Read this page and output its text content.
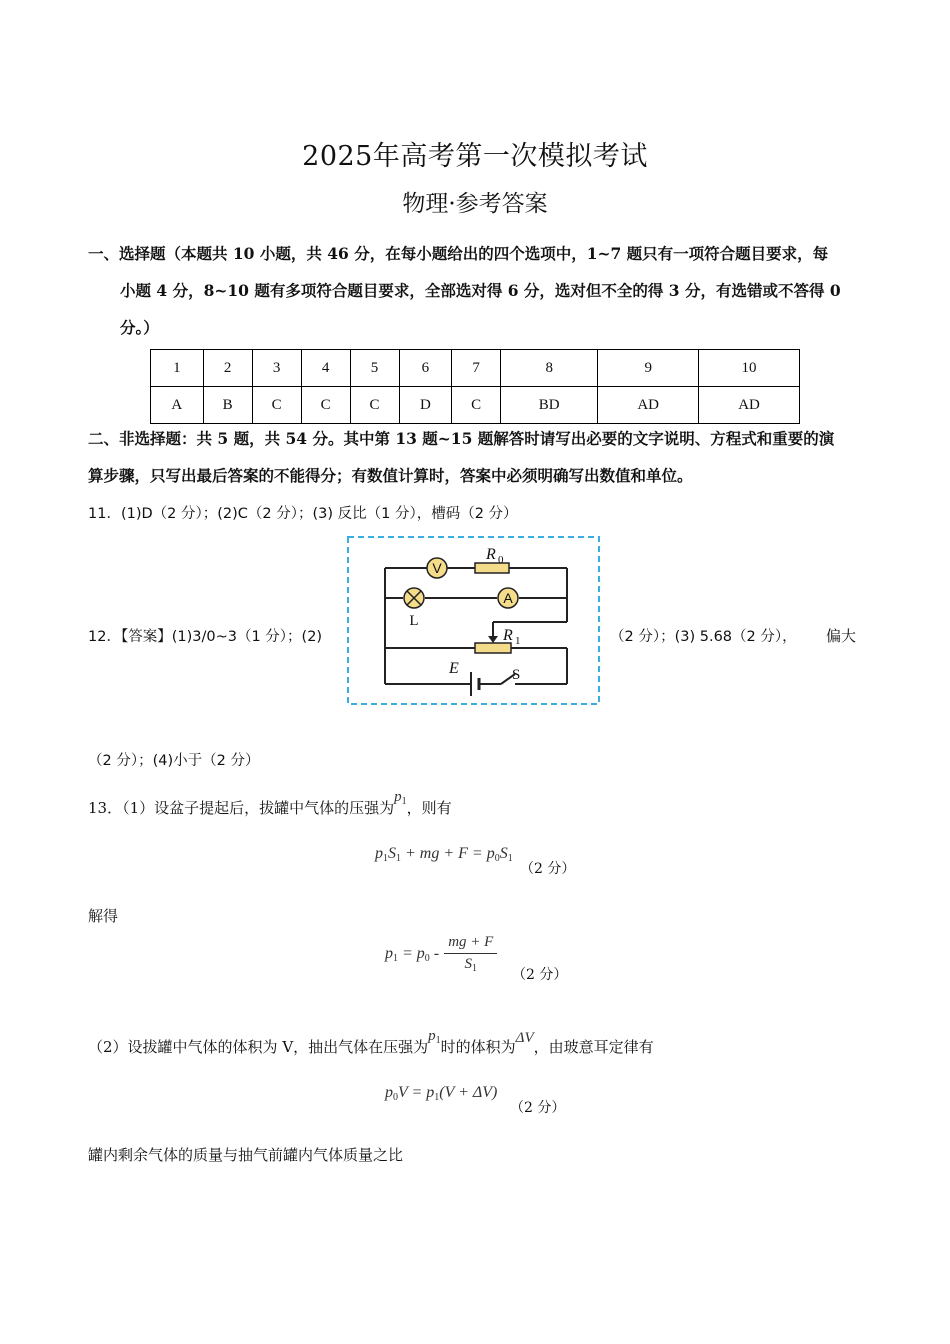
2025年高考第一次模拟考试
物理·参考答案
一、选择题（本题共 10 小题，共 46 分，在每小题给出的四个选项中，1~7 题只有一项符合题目要求，每
小题 4 分，8~10 题有多项符合题目要求，全部选对得 6 分，选对但不全的得 3 分，有选错或不答得 0
分。）
1	2	3	4	5	6	7	8	9	10
A	B	C	C	C	D	C	BD	AD	AD
二、非选择题：共 5 题，共 54 分。其中第 13 题~15 题解答时请写出必要的文字说明、方程式和重要的演
算步骤，只写出最后答案的不能得分；有数值计算时，答案中必须明确写出数值和单位。
11．(1)D（2 分）；(2)C（2 分）；(3) 反比（1 分），槽码（2 分）
12．【答案】(1)3/0~3（1 分）；(2)
V
A
L
R 0
R 1
E	S
（2 分）；(3) 5.68（2 分）， 偏大
（2 分）；(4)小于（2 分）
13．（1）设盆子提起后，拔罐中气体的压强为$p_1$，则有
$p_1S_1$ + mg + $F = p_0S_1$
（2 分）
解得
$p_1 = p_0 - \frac{mg + F}{S_1}$
（2 分）
（2）设拔罐中气体的体积为 V，抽出气体在压强为$p_1$时的体积为ΔV，由玻意耳定律有
$p_0V = p_1(V + \Delta V)$
（2 分）
罐内剩余气体的质量与抽气前罐内气体质量之比
